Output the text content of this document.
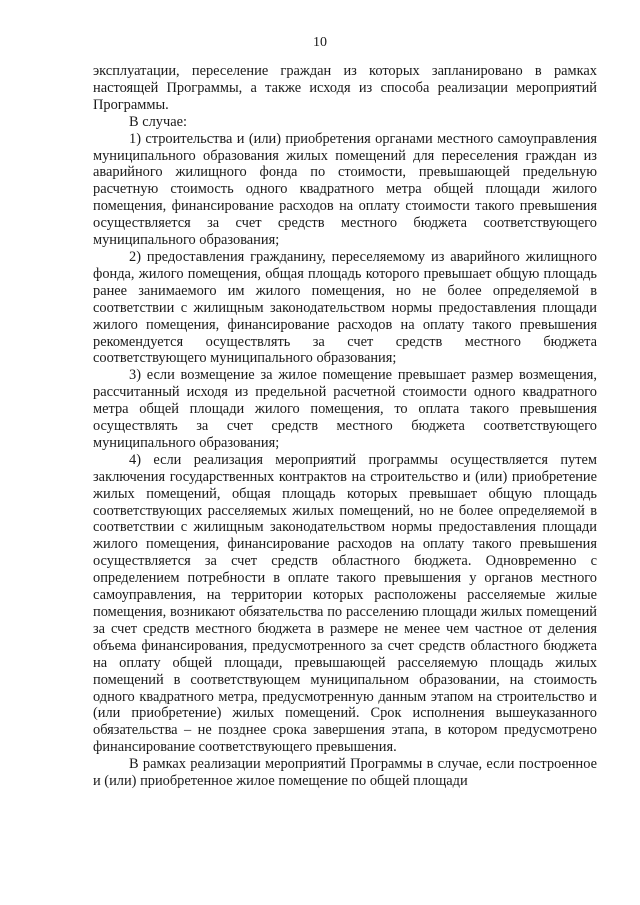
10

эксплуатации, переселение граждан из которых запланировано в рамках настоящей Программы, а также исходя из способа реализации мероприятий Программы.

В случае:

1) строительства и (или) приобретения органами местного самоуправления муниципального образования жилых помещений для переселения граждан из аварийного жилищного фонда по стоимости, превышающей предельную расчетную стоимость одного квадратного метра общей площади жилого помещения, финансирование расходов на оплату стоимости такого превышения осуществляется за счет средств местного бюджета соответствующего муниципального образования;

2) предоставления гражданину, переселяемому из аварийного жилищного фонда, жилого помещения, общая площадь которого превышает общую площадь ранее занимаемого им жилого помещения, но не более определяемой в соответствии с жилищным законодательством нормы предоставления площади жилого помещения, финансирование расходов на оплату такого превышения рекомендуется осуществлять за счет средств местного бюджета соответствующего муниципального образования;

3) если возмещение за жилое помещение превышает размер возмещения, рассчитанный исходя из предельной расчетной стоимости одного квадратного метра общей площади жилого помещения, то оплата такого превышения осуществлять за счет средств местного бюджета соответствующего муниципального образования;

4) если реализация мероприятий программы осуществляется путем заключения государственных контрактов на строительство и (или) приобретение жилых помещений, общая площадь которых превышает общую площадь соответствующих расселяемых жилых помещений, но не более определяемой в соответствии с жилищным законодательством нормы предоставления площади жилого помещения, финансирование расходов на оплату такого превышения осуществляется за счет средств областного бюджета. Одновременно с определением потребности в оплате такого превышения у органов местного самоуправления, на территории которых расположены расселяемые жилые помещения, возникают обязательства по расселению площади жилых помещений за счет средств местного бюджета в размере не менее чем частное от деления объема финансирования, предусмотренного за счет средств областного бюджета на оплату общей площади, превышающей расселяемую площадь жилых помещений в соответствующем муниципальном образовании, на стоимость одного квадратного метра, предусмотренную данным этапом на строительство и (или приобретение) жилых помещений. Срок исполнения вышеуказанного обязательства – не позднее срока завершения этапа, в котором предусмотрено финансирование соответствующего превышения.

В рамках реализации мероприятий Программы в случае, если построенное и (или) приобретенное жилое помещение по общей площади
